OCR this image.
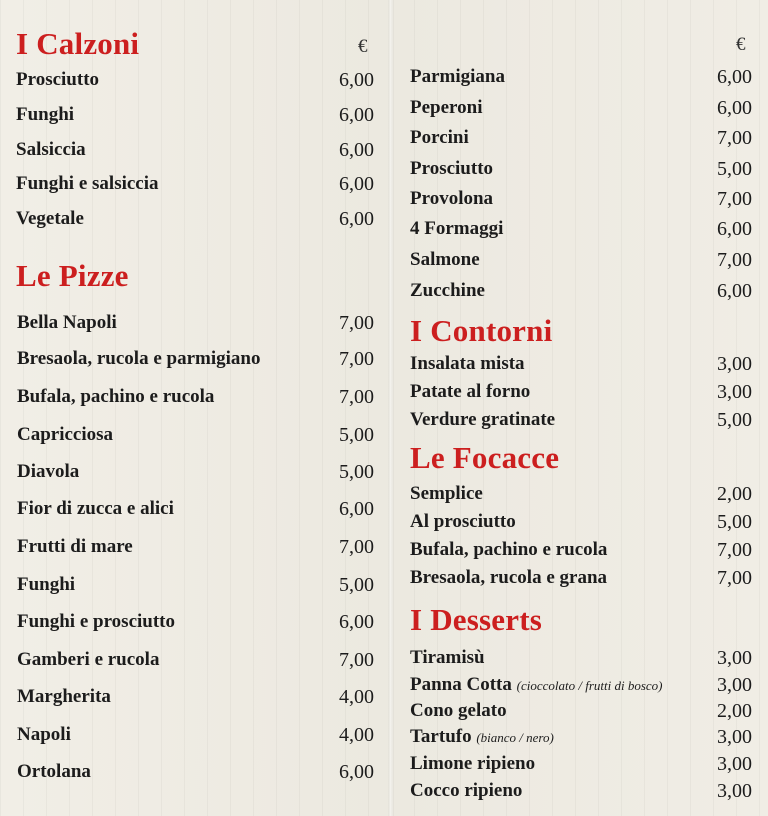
I Calzoni	€
Prosciutto	6,00
Funghi	6,00
Salsiccia	6,00
Funghi e salsiccia	6,00
Vegetale	6,00
Le Pizze
Bella Napoli	7,00
Bresaola, rucola e parmigiano	7,00
Bufala, pachino e rucola	7,00
Capricciosa	5,00
Diavola	5,00
Fior di zucca e alici	6,00
Frutti di mare	7,00
Funghi	5,00
Funghi e prosciutto	6,00
Gamberi e rucola	7,00
Margherita	4,00
Napoli	4,00
Ortolana	6,00
€
Parmigiana	6,00
Peperoni	6,00
Porcini	7,00
Prosciutto	5,00
Provolona	7,00
4 Formaggi	6,00
Salmone	7,00
Zucchine	6,00
I Contorni
Insalata mista	3,00
Patate al forno	3,00
Verdure gratinate	5,00
Le Focacce
Semplice	2,00
Al prosciutto	5,00
Bufala, pachino e rucola	7,00
Bresaola, rucola e grana	7,00
I Desserts
Tiramisù	3,00
Panna Cotta (cioccolato / frutti di bosco)	3,00
Cono gelato	2,00
Tartufo (bianco / nero)	3,00
Limone ripieno	3,00
Cocco ripieno	3,00
